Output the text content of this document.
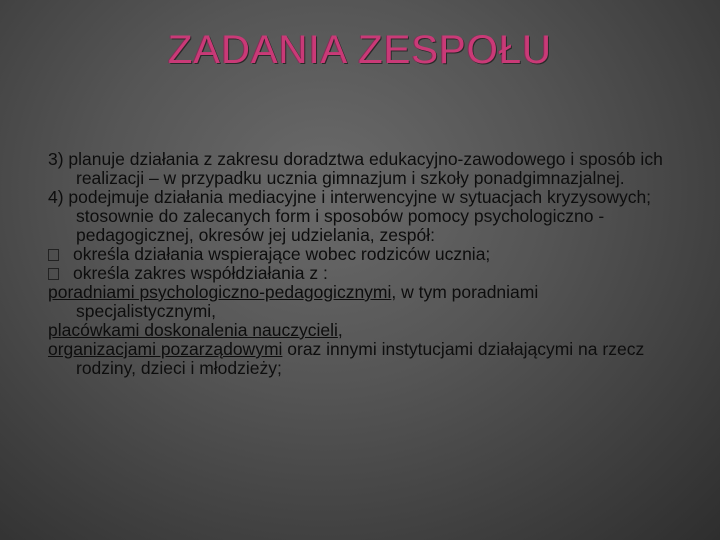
ZADANIA ZESPOŁU

3) planuje działania z zakresu doradztwa edukacyjno-zawodowego i sposób ich realizacji – w przypadku ucznia gimnazjum i szkoły ponadgimnazjalnej.

4) podejmuje działania mediacyjne i interwencyjne w sytuacjach kryzysowych; stosownie do zalecanych form i sposobów pomocy psychologiczno -pedagogicznej, okresów jej udzielania, zespół:

określa działania wspierające wobec rodziców ucznia;

określa zakres współdziałania z :

poradniami psychologiczno-pedagogicznymi, w tym poradniami specjalistycznymi,

placówkami doskonalenia nauczycieli,

organizacjami pozarządowymi oraz innymi instytucjami działającymi na rzecz rodziny, dzieci i młodzieży;
